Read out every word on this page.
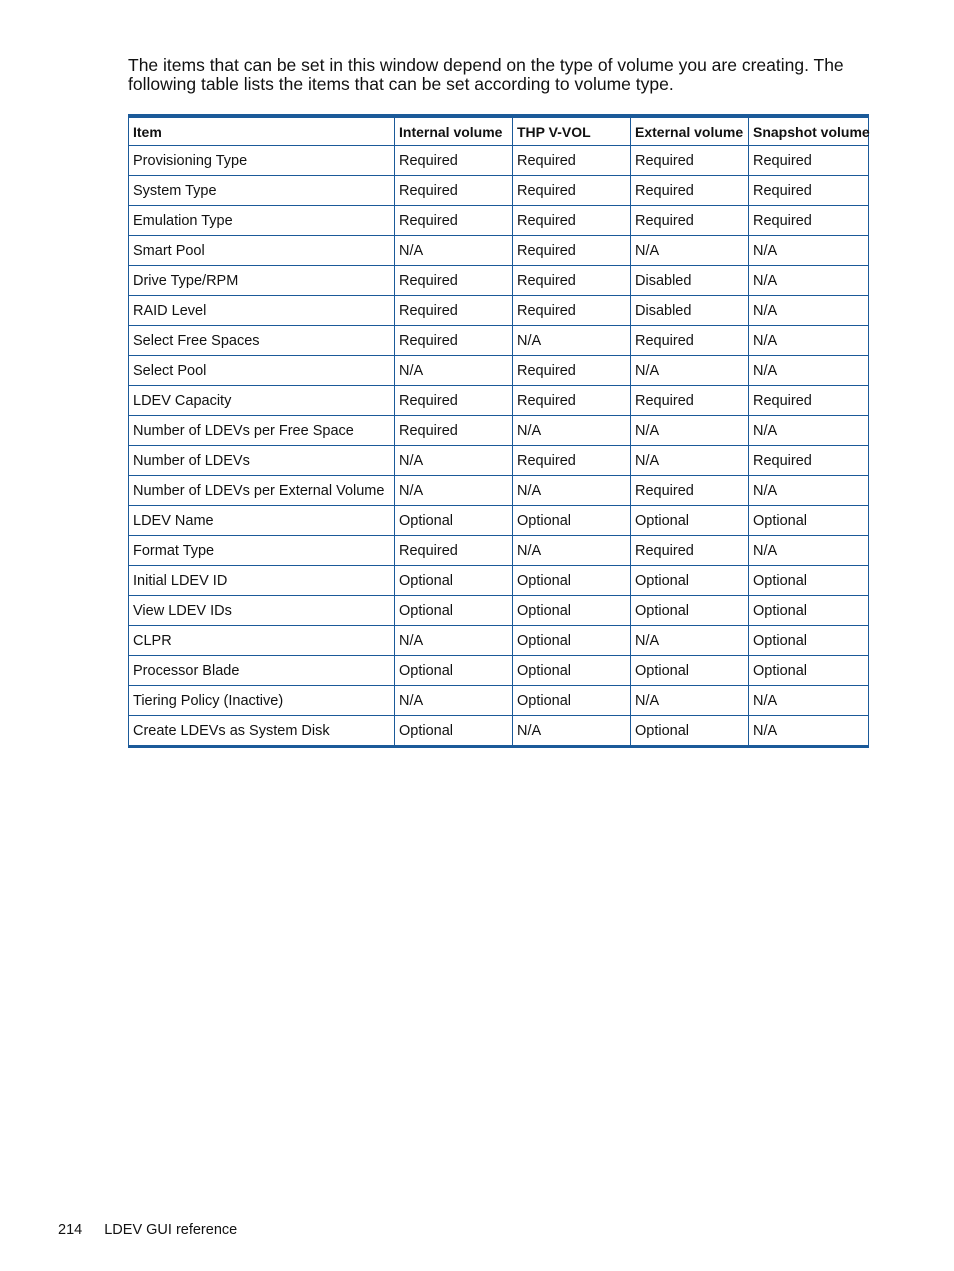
The items that can be set in this window depend on the type of volume you are creating. The
following table lists the items that can be set according to volume type.

Item	Internal volume	THP V-VOL	External volume	Snapshot volume
Provisioning Type	Required	Required	Required	Required
System Type	Required	Required	Required	Required
Emulation Type	Required	Required	Required	Required
Smart Pool	N/A	Required	N/A	N/A
Drive Type/RPM	Required	Required	Disabled	N/A
RAID Level	Required	Required	Disabled	N/A
Select Free Spaces	Required	N/A	Required	N/A
Select Pool	N/A	Required	N/A	N/A
LDEV Capacity	Required	Required	Required	Required
Number of LDEVs per Free Space	Required	N/A	N/A	N/A
Number of LDEVs	N/A	Required	N/A	Required
Number of LDEVs per External Volume	N/A	N/A	Required	N/A
LDEV Name	Optional	Optional	Optional	Optional
Format Type	Required	N/A	Required	N/A
Initial LDEV ID	Optional	Optional	Optional	Optional
View LDEV IDs	Optional	Optional	Optional	Optional
CLPR	N/A	Optional	N/A	Optional
Processor Blade	Optional	Optional	Optional	Optional
Tiering Policy (Inactive)	N/A	Optional	N/A	N/A
Create LDEVs as System Disk	Optional	N/A	Optional	N/A
214 LDEV GUI reference
